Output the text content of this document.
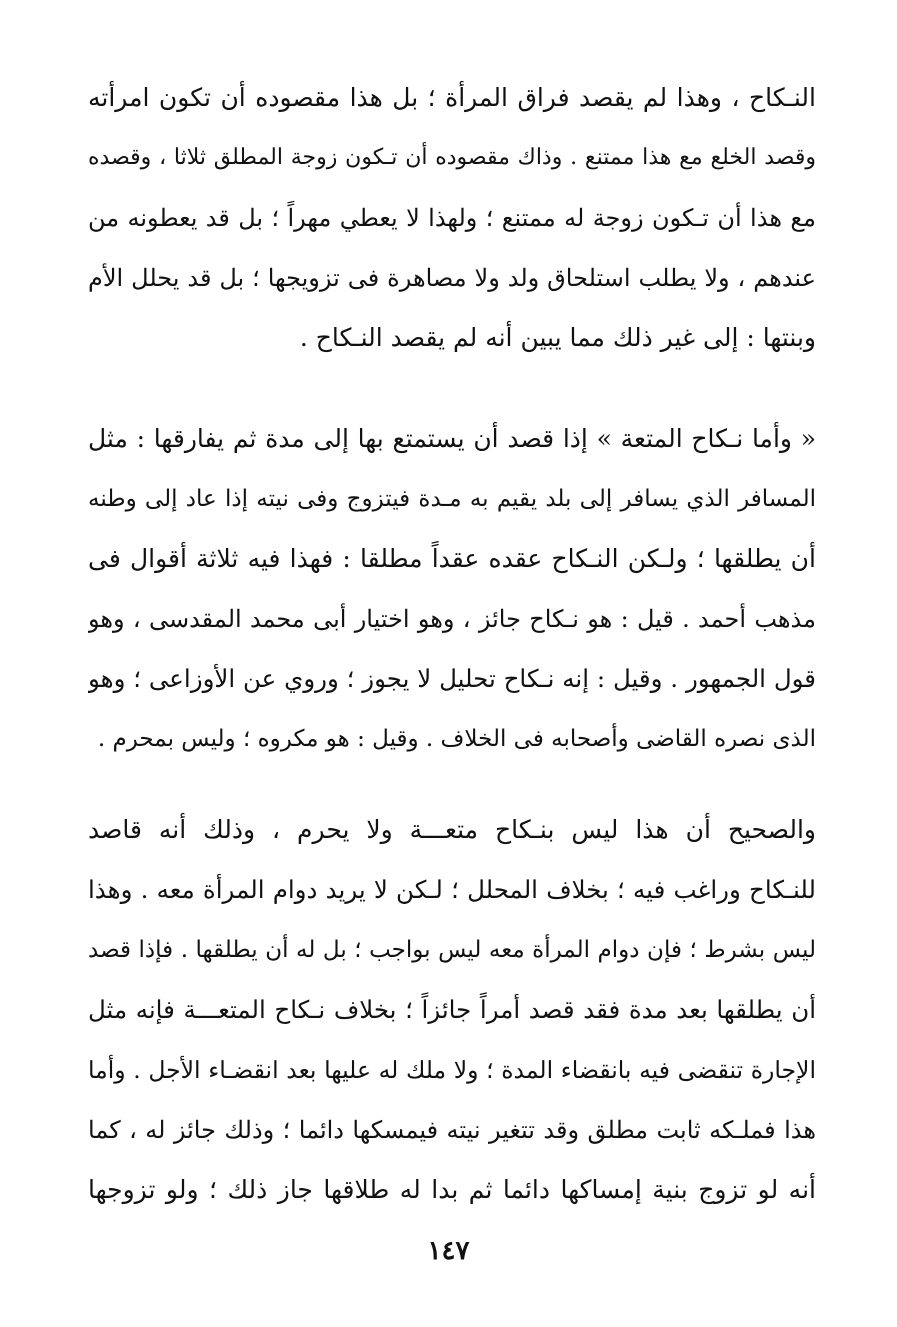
النـكاح ، وهذا لم يقصد فراق المرأة ؛ بل هذا مقصوده أن تكون امرأته
وقصد الخلع مع هذا ممتنع . وذاك مقصوده أن تـكون زوجة المطلق ثلاثا ، وقصده
مع هذا أن تـكون زوجة له ممتنع ؛ ولهذا لا يعطي مهراً ؛ بل قد يعطونه من
عندهم ، ولا يطلب استلحاق ولد ولا مصاهرة فى تزويجها ؛ بل قد يحلل الأم
وبنتها : إلى غير ذلك مما يبين أنه لم يقصد النـكاح .
« وأما نـكاح المتعة » إذا قصد أن يستمتع بها إلى مدة ثم يفارقها : مثل
المسافر الذي يسافر إلى بلد يقيم به مـدة فيتزوج وفى نيته إذا عاد إلى وطنه
أن يطلقها ؛ ولـكن النـكاح عقده عقداً مطلقا : فهذا فيه ثلاثة أقوال فى
مذهب أحمد . قيل : هو نـكاح جائز ، وهو اختيار أبى محمد المقدسى ، وهو
قول الجمهور . وقيل : إنه نـكاح تحليل لا يجوز ؛ وروي عن الأوزاعى ؛ وهو
الذى نصره القاضى وأصحابه فى الخلاف . وقيل : هو مكروه ؛ وليس بمحرم .
والصحيح أن هذا ليس بنـكاح متعـــة ولا يحرم ، وذلك أنه قاصد
للنـكاح وراغب فيه ؛ بخلاف المحلل ؛ لـكن لا يريد دوام المرأة معه . وهذا
ليس بشرط ؛ فإن دوام المرأة معه ليس بواجب ؛ بل له أن يطلقها . فإذا قصد
أن يطلقها بعد مدة فقد قصد أمراً جائزاً ؛ بخلاف نـكاح المتعـــة فإنه مثل
الإجارة تنقضى فيه بانقضاء المدة ؛ ولا ملك له عليها بعد انقضـاء الأجل . وأما
هذا فملـكه ثابت مطلق وقد تتغير نيته فيمسكها دائما ؛ وذلك جائز له ، كما
أنه لو تزوج بنية إمساكها دائما ثم بدا له طلاقها جاز ذلك ؛ ولو تزوجها
١٤٧
